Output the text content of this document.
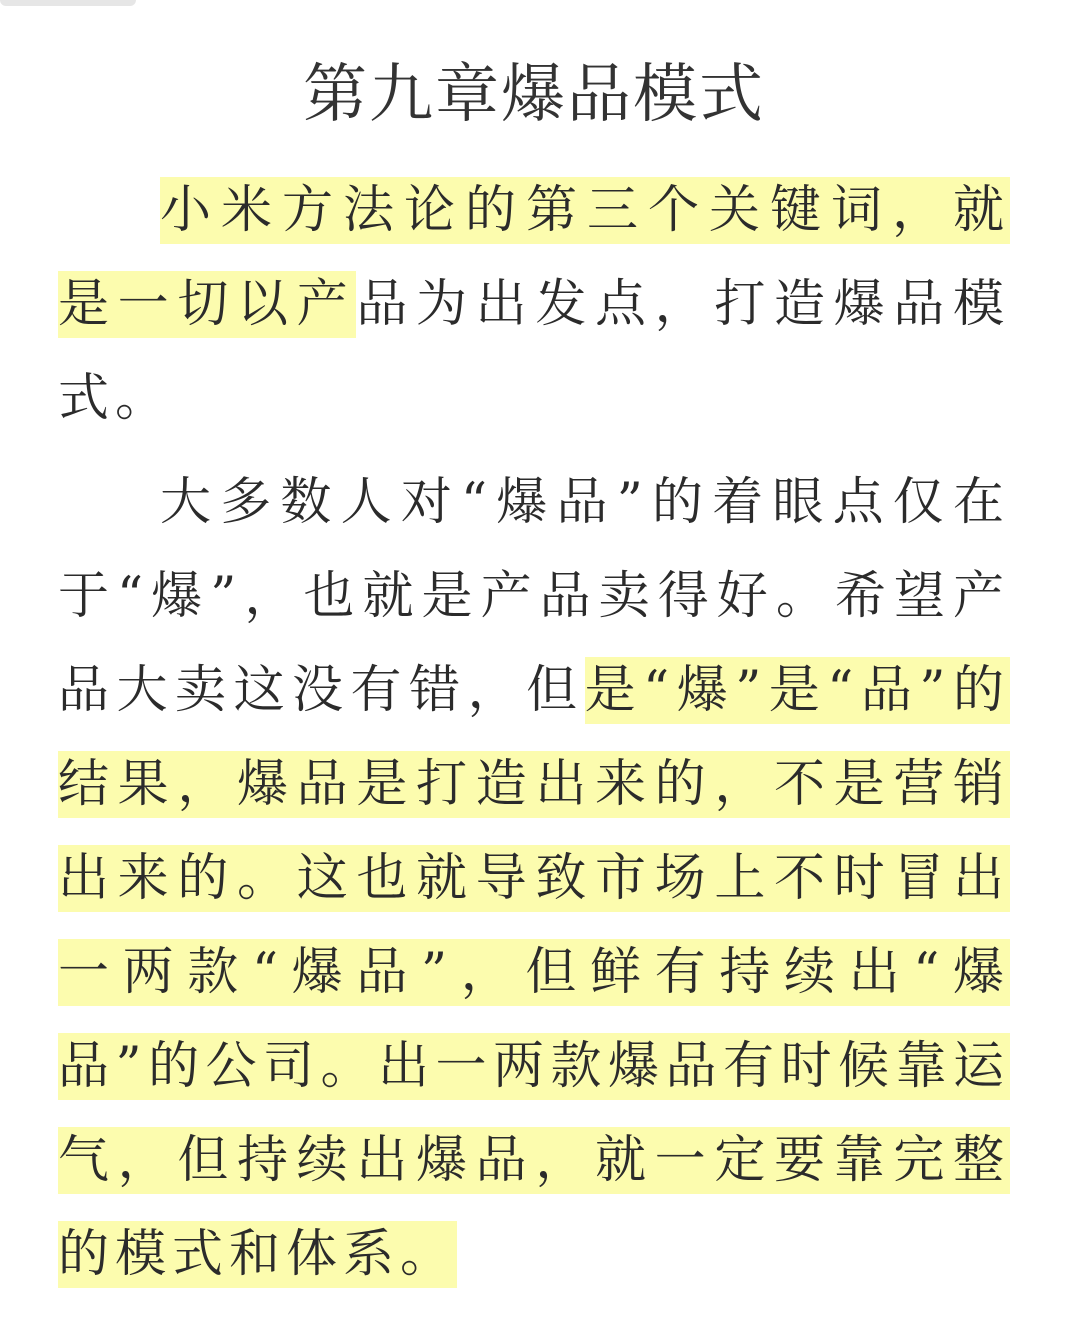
第九章爆品模式

小米方法论的第三个关键词，就是一切以产品为出发点，打造爆品模式。

大多数人对“爆品”的着眼点仅在于“爆”，也就是产品卖得好。希望产品大卖这没有错，但是“爆”是“品”的结果，爆品是打造出来的，不是营销出来的。这也就导致市场上不时冒出一两款“爆品”，但鲜有持续出“爆品”的公司。出一两款爆品有时候靠运气，但持续出爆品，就一定要靠完整的模式和体系。
